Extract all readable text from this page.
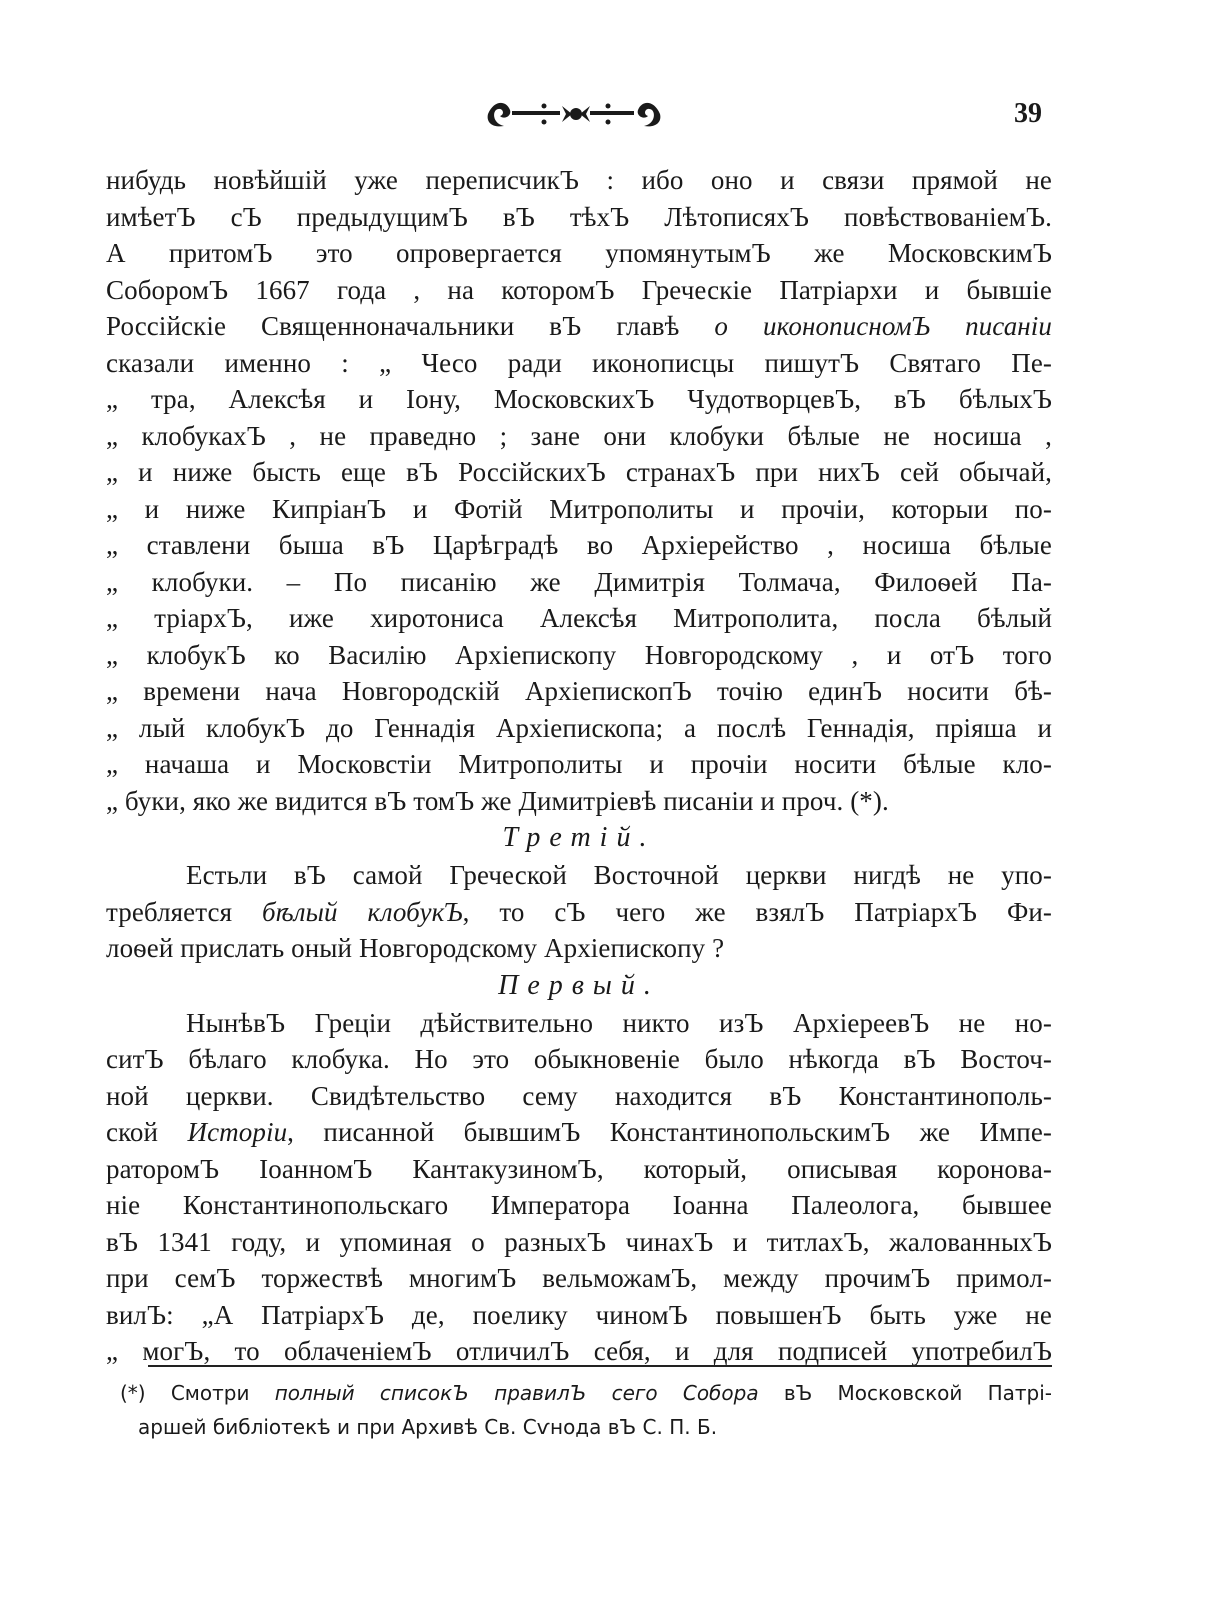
39
нибудь новѣйшій уже переписчикЪ : ибо оно и связи прямой не
имѣетЪ сЪ предыдущимЪ вЪ тѣхЪ ЛѣтописяхЪ повѣствованіемЪ.
А притомЪ это опровергается упомянутымЪ же МосковскимЪ
СоборомЪ 1667 года , на которомЪ Греческіе Патріархи и бывшіе
Россійскіе Священноначальники вЪ главѣ о иконописномЪ писаніи
сказали именно : „ Чесо ради иконописцы пишутЪ Святаго Пе-
„ тра, Алексѣя и Іону, МосковскихЪ ЧудотворцевЪ, вЪ бѣлыхЪ
„ клобукахЪ , не праведно ; зане они клобуки бѣлые не носиша ,
„ и ниже бысть еще вЪ РоссійскихЪ странахЪ при нихЪ сей обычай,
„ и ниже КипріанЪ и Фотій Митрополиты и прочіи, которыи по-
„ ставлени быша вЪ Царѣградѣ во Архіерейство , носиша бѣлые
„ клобуки. – По писанію же Димитрія Толмача, Филоѳей Па-
„ тріархЪ, иже хиротониса Алексѣя Митрополита, посла бѣлый
„ клобукЪ ко Василію Архіепископу Новгородскому , и отЪ того
„ времени нача Новгородскій АрхіепископЪ точію единЪ носити бѣ-
„ лый клобукЪ до Геннадія Архіепископа; а послѣ Геннадія, пріяша и
„ начаша и Московстіи Митрополиты и прочіи носити бѣлые кло-
„ буки, яко же видится вЪ томЪ же Димитріевѣ писаніи и проч. (*).
Третій.
Естьли вЪ самой Греческой Восточной церкви нигдѣ не упо-
требляется бѣлый клобукЪ, то сЪ чего же взялЪ ПатріархЪ Фи-
лоѳей прислать оный Новгородскому Архіепископу ?
Первый.
НынѣвЪ Греціи дѣйствительно никто изЪ АрхіереевЪ не но-
ситЪ бѣлаго клобука. Но это обыкновеніе было нѣкогда вЪ Восточ-
ной церкви. Свидѣтельство сему находится вЪ Константинополь-
ской Исторіи, писанной бывшимЪ КонстантинопольскимЪ же Импе-
раторомЪ ІоанномЪ КантакузиномЪ, который, описывая короновa-
ніе Константинопольскаго Императора Іоанна Палеолога, бывшее
вЪ 1341 году, и упоминая о разныхЪ чинахЪ и титлахЪ, жалованныхЪ
при семЪ торжествѣ многимЪ вельможамЪ, между прочимЪ примол-
вилЪ: „А ПатріархЪ де, поелику чиномЪ повышенЪ быть уже не
„ могЪ, то облаченіемЪ отличилЪ себя, и для подписей употребилЪ
(*) Смотри полный списокЪ правилЪ сего Собора вЪ Московской Патрі-
аршей библіотекѣ и при Архивѣ Св. Сѵнода вЪ С. П. Б.
